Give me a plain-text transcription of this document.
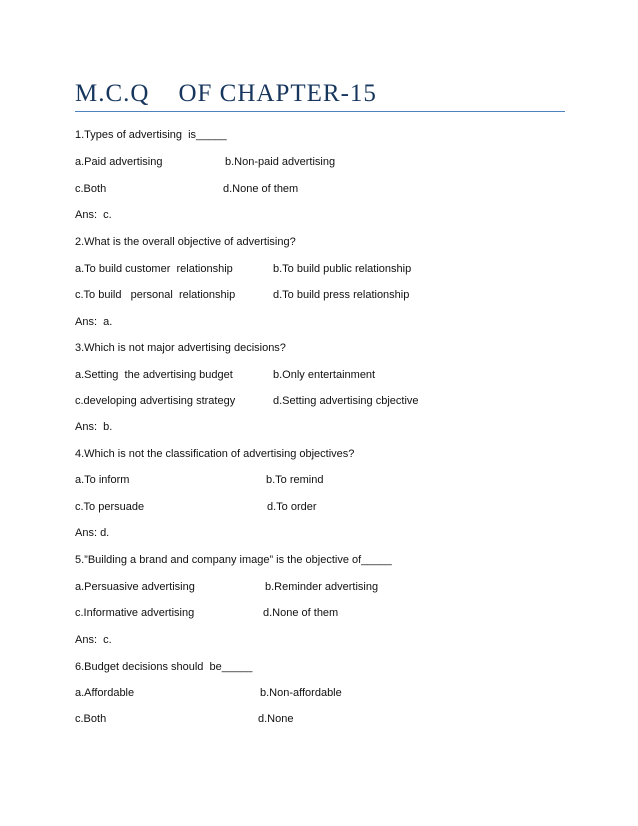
M.C.Q    OF CHAPTER-15
1.Types of advertising  is_____
a.Paid advertising	b.Non-paid advertising
c.Both	d.None of them
Ans:  c.
2.What is the overall objective of advertising?
a.To build customer  relationship	b.To build public relationship
c.To build   personal  relationship	d.To build press relationship
Ans:  a.
3.Which is not major advertising decisions?
a.Setting  the advertising budget	b.Only entertainment
c.developing advertising strategy	d.Setting advertising cbjective
Ans:  b.
4.Which is not the classification of advertising objectives?
a.To inform	b.To remind
c.To persuade	d.To order
Ans: d.
5.”Building a brand and company image” is the objective of_____
a.Persuasive advertising	b.Reminder advertising
c.Informative advertising	d.None of them
Ans:  c.
6.Budget decisions should  be_____
a.Affordable	b.Non-affordable
c.Both	d.None
